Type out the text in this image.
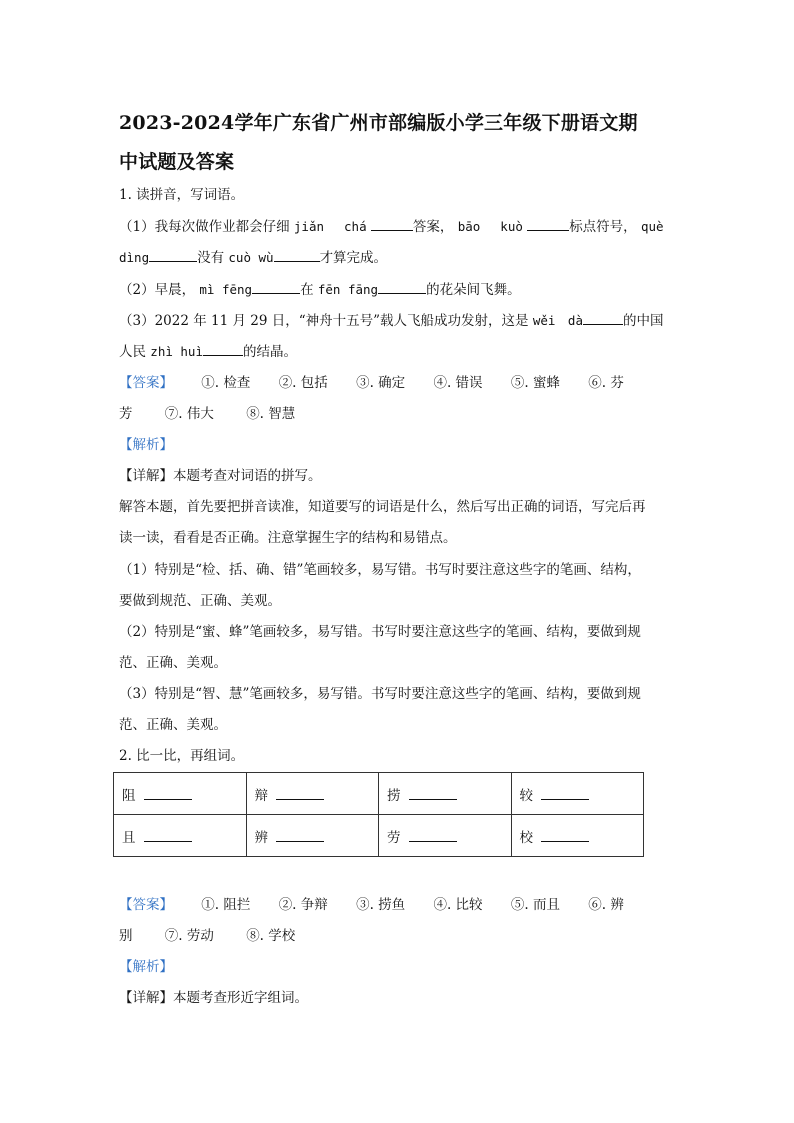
2023-2024学年广东省广州市部编版小学三年级下册语文期
中试题及答案
1. 读拼音，写词语。
（1）我每次做作业都会仔细 jiǎn　 chá	答案， bāo　 kuò	标点符号， què
dìng	没有 cuò wù	才算完成。
（2）早晨， mì fēng	在 fēn fāng	的花朵间飞舞。
（3）2022 年 11 月 29 日，“神舟十五号”载人飞船成功发射，这是 wěi　dà	的中国
人民 zhì huì	的结晶。
【答案】 ①. 检查 ②. 包括 ③. 确定 ④. 错误 ⑤. 蜜蜂 ⑥. 芬
芳 ⑦. 伟大 ⑧. 智慧
【解析】
【详解】本题考查对词语的拼写。
解答本题，首先要把拼音读准，知道要写的词语是什么，然后写出正确的词语，写完后再
读一读，看看是否正确。注意掌握生字的结构和易错点。
（1）特别是“检、括、确、错”笔画较多，易写错。书写时要注意这些字的笔画、结构，
要做到规范、正确、美观。
（2）特别是“蜜、蜂”笔画较多，易写错。书写时要注意这些字的笔画、结构，要做到规
范、正确、美观。
（3）特别是“智、慧”笔画较多，易写错。书写时要注意这些字的笔画、结构，要做到规
范、正确、美观。
2. 比一比，再组词。
阻	辩	捞	较
且	辨	劳	校
【答案】 ①. 阻拦 ②. 争辩 ③. 捞鱼 ④. 比较 ⑤. 而且 ⑥. 辨
别 ⑦. 劳动 ⑧. 学校
【解析】
【详解】本题考查形近字组词。
